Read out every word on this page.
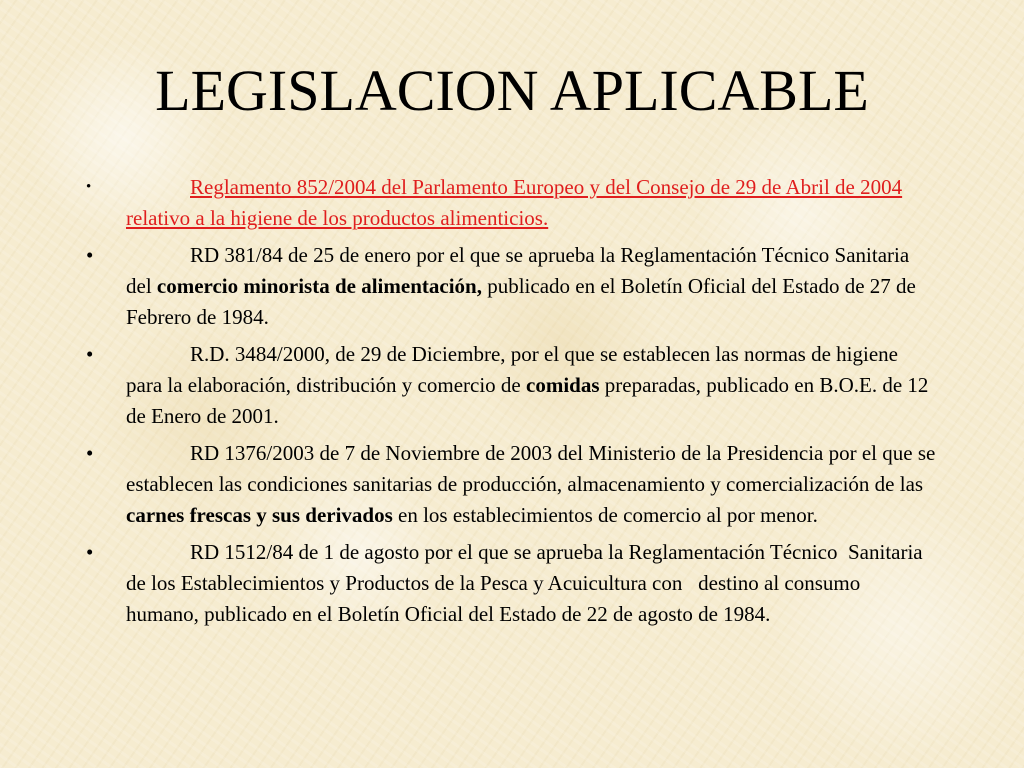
LEGISLACION APLICABLE
•	Reglamento 852/2004 del Parlamento Europeo y del Consejo de 29 de Abril de 2004 relativo a la higiene de los productos alimenticios.
•	RD 381/84 de 25 de enero por el que se aprueba la Reglamentación Técnico Sanitaria del comercio minorista de alimentación, publicado en el Boletín Oficial del Estado de 27 de Febrero de 1984.
•	R.D. 3484/2000, de 29 de Diciembre, por el que se establecen las normas de higiene para la elaboración, distribución y comercio de comidas preparadas, publicado en B.O.E. de 12 de Enero de 2001.
•	RD 1376/2003 de 7 de Noviembre de 2003 del Ministerio de la Presidencia por el que se establecen las condiciones sanitarias de producción, almacenamiento y comercialización de las carnes frescas y sus derivados en los establecimientos de comercio al por menor.
•	RD 1512/84 de 1 de agosto por el que se aprueba la Reglamentación Técnico  Sanitaria de los Establecimientos y Productos de la Pesca y Acuicultura con   destino al consumo humano, publicado en el Boletín Oficial del Estado de 22 de agosto de 1984.
